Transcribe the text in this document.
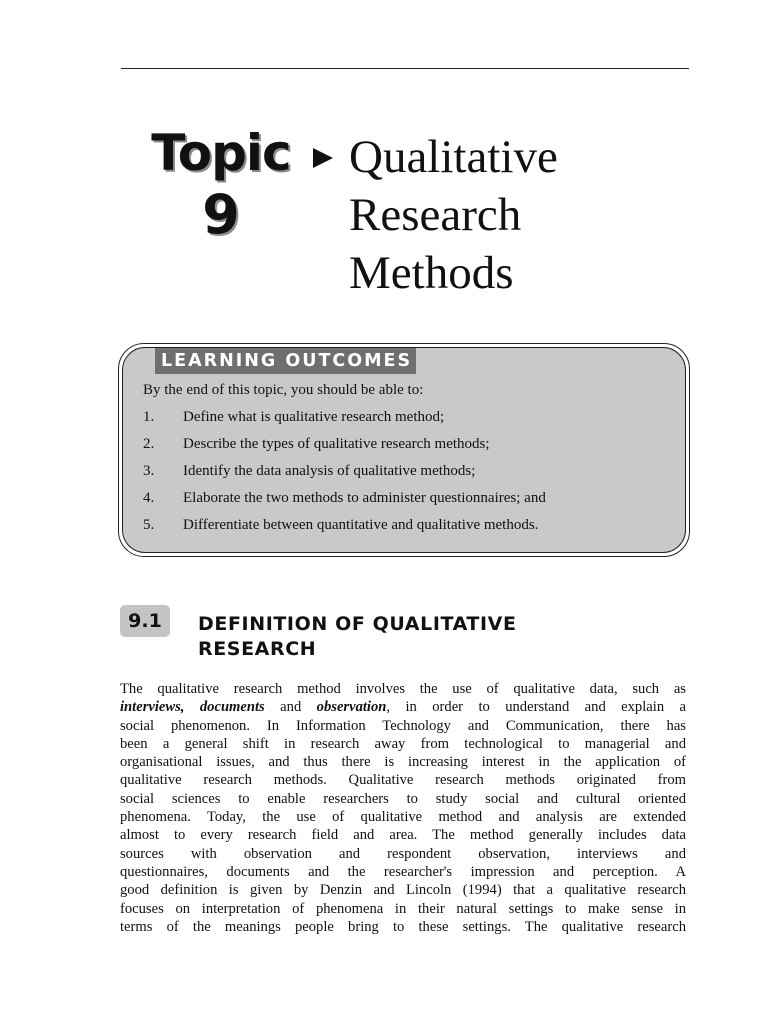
Topic
9
Qualitative
Research
Methods
LEARNING OUTCOMES
By the end of this topic, you should be able to:
1. Define what is qualitative research method;
2. Describe the types of qualitative research methods;
3. Identify the data analysis of qualitative methods;
4. Elaborate the two methods to administer questionnaires; and
5. Differentiate between quantitative and qualitative methods.
9.1	DEFINITION OF QUALITATIVE
RESEARCH
The qualitative research method involves the use of qualitative data, such as
interviews, documents and observation, in order to understand and explain a
social phenomenon. In Information Technology and Communication, there has
been a general shift in research away from technological to managerial and
organisational issues, and thus there is increasing interest in the application of
qualitative research methods. Qualitative research methods originated from
social sciences to enable researchers to study social and cultural oriented
phenomena. Today, the use of qualitative method and analysis are extended
almost to every research field and area. The method generally includes data
sources with observation and respondent observation, interviews and
questionnaires, documents and the researcher's impression and perception. A
good definition is given by Denzin and Lincoln (1994) that a qualitative research
focuses on interpretation of phenomena in their natural settings to make sense in
terms of the meanings people bring to these settings. The qualitative research
